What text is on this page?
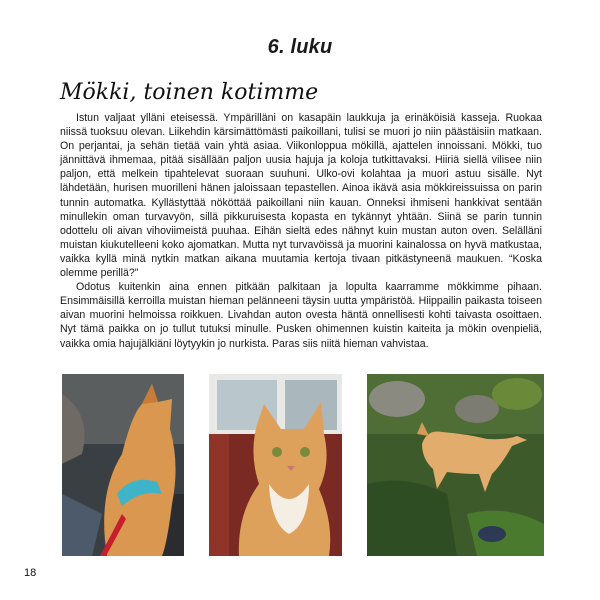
6. luku
Mökki, toinen kotimme

Istun valjaat ylläni eteisessä. Ympärilläni on kasapäin laukkuja ja erinäköisiä kasseja. Ruokaa niissä tuoksuu olevan. Liikehdin kärsimättömästi paikoillani, tulisi se muori jo niin päästäisiin matkaan. On perjantai, ja sehän tietää vain yhtä asiaa. Viikonloppua mökillä, ajattelen innoissani. Mökki, tuo jännittävä ihmemaa, pitää sisällään paljon uusia hajuja ja koloja tutkittavaksi. Hiiriä siellä vilisee niin paljon, että melkein tipahtelevat suoraan suuhuni. Ulko-ovi kolahtaa ja muori astuu sisälle. Nyt lähdetään, hurisen muorilleni hänen jaloissaan tepastellen. Ainoa ikävä asia mökkireissuissa on parin tunnin automatka. Kyllästyttää nököttää paikoillani niin kauan. Onneksi ihmiseni hankkivat sentään minullekin oman turvavyön, sillä pikkuruisesta kopasta en tykännyt yhtään. Siinä se parin tunnin odottelu oli aivan vihoviimeistä puuhaa. Eihän sieltä edes nähnyt kuin mustan auton oven. Selälläni muistan kiukutelleeni koko ajomatkan. Mutta nyt turvavöissä ja muorini kainalossa on hyvä matkustaa, vaikka kyllä minä nytkin matkan aikana muutamia kertoja tivaan pitkästyneenä maukuen. “Koska olemme perillä?”

Odotus kuitenkin aina ennen pitkään palkitaan ja lopulta kaarramme mökkimme pihaan. Ensimmäisillä kerroilla muistan hieman pelänneeni täysin uutta ympäristöä. Hiippailin paikasta toiseen aivan muorini helmoissa roikkuen. Livahdan auton ovesta häntä onnellisesti kohti taivasta osoittaen. Nyt tämä paikka on jo tullut tutuksi minulle. Pusken ohimennen kuistin kaiteita ja mökin ovenpieliä, vaikka omia hajujälkiäni löytyykin jo nurkista. Paras siis niitä hieman vahvistaa.

18
